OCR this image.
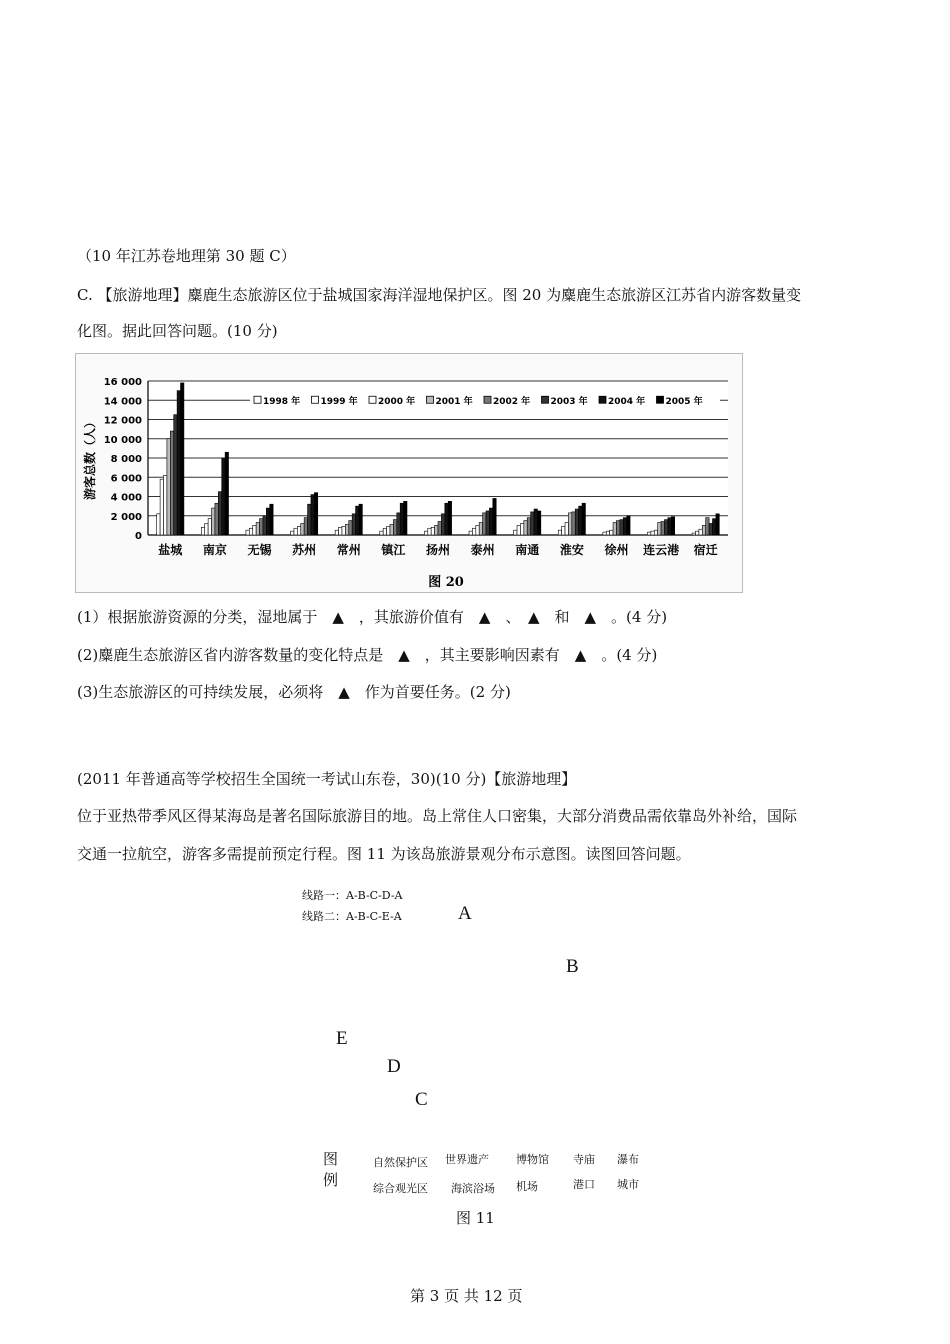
（10 年江苏卷地理第 30 题 C）
C. 【旅游地理】麋鹿生态旅游区位于盐城国家海洋湿地保护区。图 20 为麋鹿生态旅游区江苏省内游客数量变
化图。据此回答问题。(10 分)
16 000
14 000
12 000
10 000
8 000
6 000
4 000
2 000
0
游客总数（人）
盐城 南京 无锡 苏州 常州 镇江 扬州 泰州 南通 淮安 徐州 连云港 宿迁
1998 年 1999 年 2000 年 2001 年 2002 年 2003 年 2004 年 2005 年
图 20
(1）根据旅游资源的分类，湿地属于　▲　，其旅游价值有　▲　、　▲　和　▲　。(4 分)
(2)麋鹿生态旅游区省内游客数量的变化特点是　▲　，其主要影响因素有　▲　。(4 分)
(3)生态旅游区的可持续发展，必须将　▲　作为首要任务。(2 分)
(2011 年普通高等学校招生全国统一考试山东卷，30)(10 分)【旅游地理】
位于亚热带季风区得某海岛是著名国际旅游目的地。岛上常住人口密集，大部分消费品需依靠岛外补给，国际
交通一拉航空，游客多需提前预定行程。图 11 为该岛旅游景观分布示意图。读图回答问题。
线路一：A-B-C-D-A
线路二：A-B-C-E-A	A
B
E
D
C
图
例
自然保护区 世界遗产 博物馆 寺庙 瀑布
综合观光区 海滨浴场 机场	港口 城市
图 11
第 3 页 共 12 页
